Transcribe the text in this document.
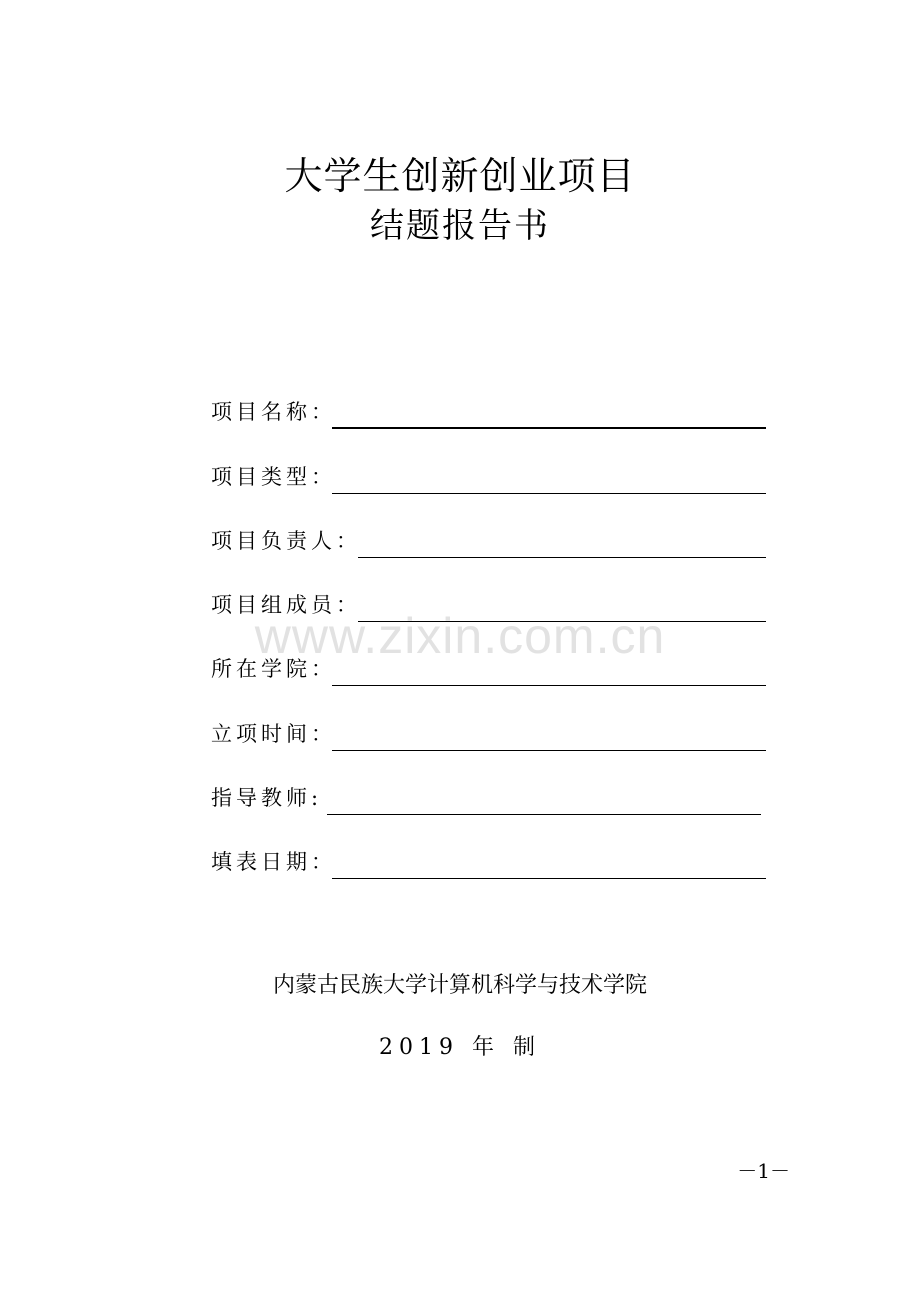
大学生创新创业项目
结题报告书
项目名称：
项目类型：
项目负责人：
项目组成员：
所在学院：
立项时间：
指导教师:
填表日期：
www.zixin.com.cn
内蒙古民族大学计算机科学与技术学院
2019 年 制
－1－
